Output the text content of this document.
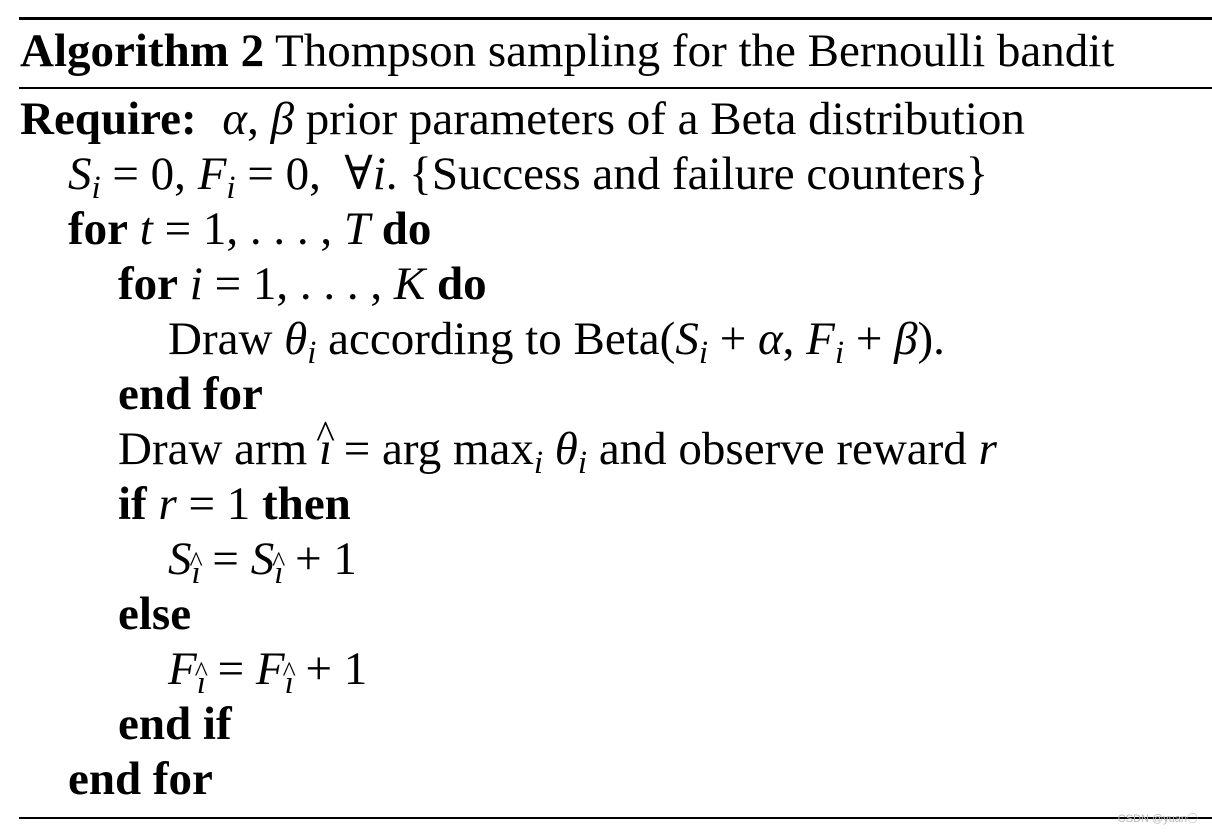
Algorithm 2 Thompson sampling for the Bernoulli bandit
Require: α, β prior parameters of a Beta distribution
$S_i = 0$, $F_i = 0$,  ∀i. {Success and failure counters}
for t = 1, . . . , T do
for i = 1, . . . , K do
Draw $\theta_i$ according to $Beta(S_i + \alpha$, $F_i + \beta$).
end for
Draw arm ^ ı = arg $\max_i \theta_i$ and observe reward r
if r = 1 then
$S_ı = S_ı + 1$
else
$F_ı = F_ı + 1$
end if
end for
CSDN @yuan〇
